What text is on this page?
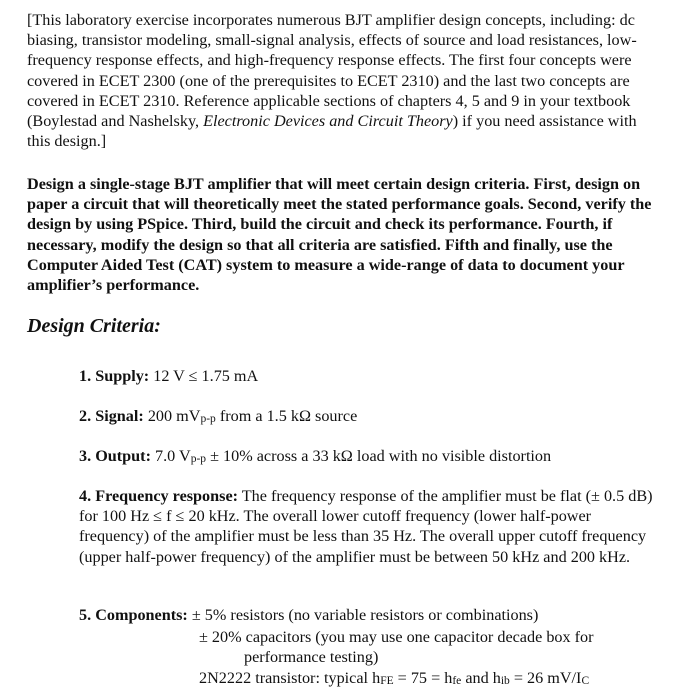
[This laboratory exercise incorporates numerous BJT amplifier design concepts, including: dc biasing, transistor modeling, small-signal analysis, effects of source and load resistances, low-frequency response effects, and high-frequency response effects. The first four concepts were covered in ECET 2300 (one of the prerequisites to ECET 2310) and the last two concepts are covered in ECET 2310. Reference applicable sections of chapters 4, 5 and 9 in your textbook (Boylestad and Nashelsky, Electronic Devices and Circuit Theory) if you need assistance with this design.]
Design a single-stage BJT amplifier that will meet certain design criteria. First, design on paper a circuit that will theoretically meet the stated performance goals. Second, verify the design by using PSpice. Third, build the circuit and check its performance. Fourth, if necessary, modify the design so that all criteria are satisfied. Fifth and finally, use the Computer Aided Test (CAT) system to measure a wide-range of data to document your amplifier’s performance.
Design Criteria:
1. Supply: 12 V ≤ 1.75 mA
2. Signal: 200 mVp-p from a 1.5 kΩ source
3. Output: 7.0 Vp-p ± 10% across a 33 kΩ load with no visible distortion
4. Frequency response: The frequency response of the amplifier must be flat (± 0.5 dB) for 100 Hz ≤ f ≤ 20 kHz. The overall lower cutoff frequency (lower half-power frequency) of the amplifier must be less than 35 Hz. The overall upper cutoff frequency (upper half-power frequency) of the amplifier must be between 50 kHz and 200 kHz.
5. Components: ± 5% resistors (no variable resistors or combinations)
± 20% capacitors (you may use one capacitor decade box for
performance testing)
2N2222 transistor: typical hFE = 75 = hfe and hib = 26 mV/IC
